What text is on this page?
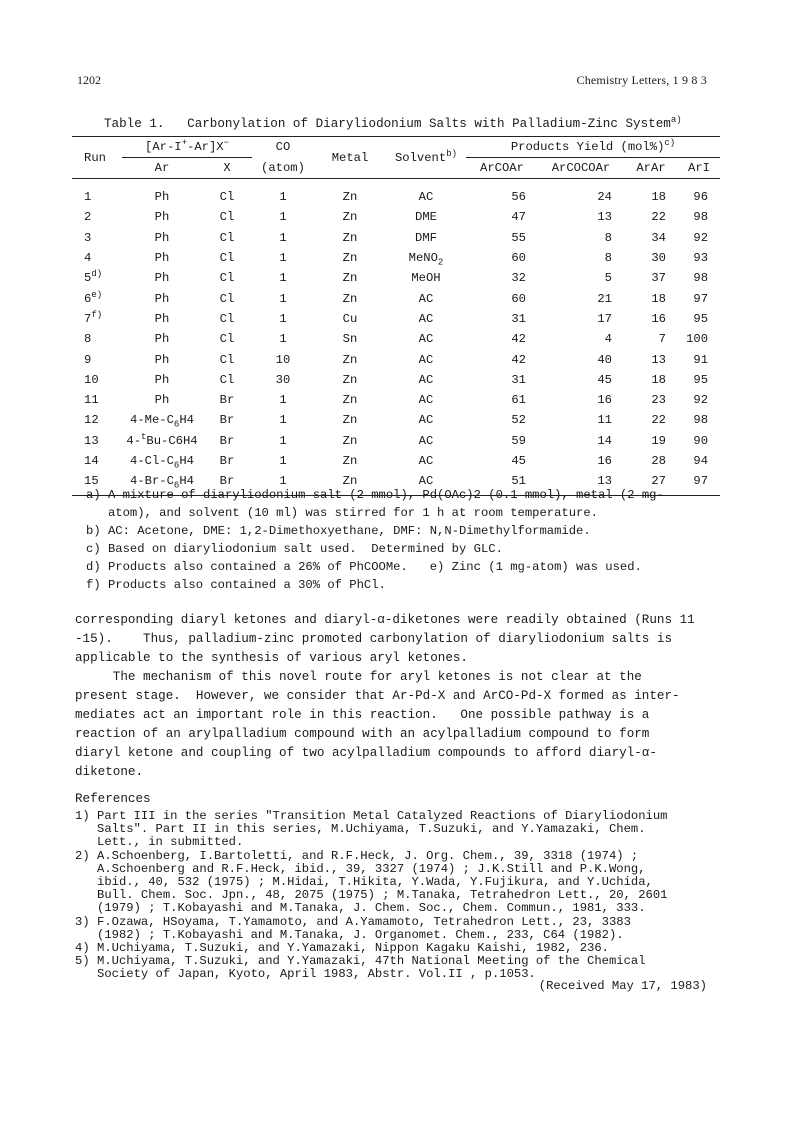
1202	Chemistry Letters, 1 9 8 3
Table 1.   Carbonylation of Diaryliodonium Salts with Palladium-Zinc System$^{a)}$
Run	[Ar-I+-Ar]X−		CO	Metal	Solvent$^{b)}$	Products Yield $(mol\%)^{c)}$
	Ar	X	(atom)			ArCOAr	ArCOCOAr	ArAr	ArI
1	Ph	Cl	1	Zn	AC	56	24	18	96
2	Ph	Cl	1	Zn	DME	47	13	22	98
3	Ph	Cl	1	Zn	DMF	55	8	34	92
4	Ph	Cl	1	Zn	MeNO$_2$	60	8	30	93
5$^{d)}$	Ph	Cl	1	Zn	MeOH	32	5	37	98
6$^{e)}$	Ph	Cl	1	Zn	AC	60	21	18	97
7$^{f)}$	Ph	Cl	1	Cu	AC	31	17	16	95
8	Ph	Cl	1	Sn	AC	42	4	7	100
9	Ph	Cl	10	Zn	AC	42	40	13	91
10	Ph	Cl	30	Zn	AC	31	45	18	95
11	Ph	Br	1	Zn	AC	61	16	23	92
12	$4-Me-C_6H4$	Br	1	Zn	AC	52	11	22	98
13	4-$^t$Bu-C6H4	Br	1	Zn	AC	59	14	19	90
14	$4-Cl-C_6H4$	Br	1	Zn	AC	45	16	28	94
15	$4-Br-C_6H4$	Br	1	Zn	AC	51	13	27	97
a) A mixture of diaryliodonium salt (2 mmol), Pd(OAc)2 (0.1 mmol), metal (2 mg-
atom), and solvent (10 ml) was stirred for 1 h at room temperature.
b) AC: Acetone, DME: 1,2-Dimethoxyethane, DMF: N,N-Dimethylformamide.
c) Based on diaryliodonium salt used.  Determined by GLC.
d) Products also contained a 26% of PhCOOMe.   e) Zinc (1 mg-atom) was used.
f) Products also contained a 30% of PhCl.

corresponding diaryl ketones and diaryl-α-diketones were readily obtained (Runs 11

-15).    Thus, palladium-zinc promoted carbonylation of diaryliodonium salts is

applicable to the synthesis of various aryl ketones.

The mechanism of this novel route for aryl ketones is not clear at the

present stage.  However, we consider that Ar-Pd-X and ArCO-Pd-X formed as inter-

mediates act an important role in this reaction.   One possible pathway is a

reaction of an arylpalladium compound with an acylpalladium compound to form

diaryl ketone and coupling of two acylpalladium compounds to afford diaryl-α-

diketone.

References
1) Part III in the series "Transition Metal Catalyzed Reactions of Diaryliodonium
Salts". Part II in this series, M.Uchiyama, T.Suzuki, and Y.Yamazaki, Chem.
Lett., in submitted.
2) A.Schoenberg, I.Bartoletti, and R.F.Heck, J. Org. Chem., 39, 3318 (1974) ;
A.Schoenberg and R.F.Heck, ibid., 39, 3327 (1974) ; J.K.Still and P.K.Wong,
ibid., 40, 532 (1975) ; M.Hidai, T.Hikita, Y.Wada, Y.Fujikura, and Y.Uchida,
Bull. Chem. Soc. Jpn., 48, 2075 (1975) ; M.Tanaka, Tetrahedron Lett., 20, 2601
(1979) ; T.Kobayashi and M.Tanaka, J. Chem. Soc., Chem. Commun., 1981, 333.
3) F.Ozawa, HSoyama, T.Yamamoto, and A.Yamamoto, Tetrahedron Lett., 23, 3383
(1982) ; T.Kobayashi and M.Tanaka, J. Organomet. Chem., 233, C64 (1982).
4) M.Uchiyama, T.Suzuki, and Y.Yamazaki, Nippon Kagaku Kaishi, 1982, 236.
5) M.Uchiyama, T.Suzuki, and Y.Yamazaki, 47th National Meeting of the Chemical
Society of Japan, Kyoto, April 1983, Abstr. Vol.II , p.1053.
(Received May 17, 1983)
